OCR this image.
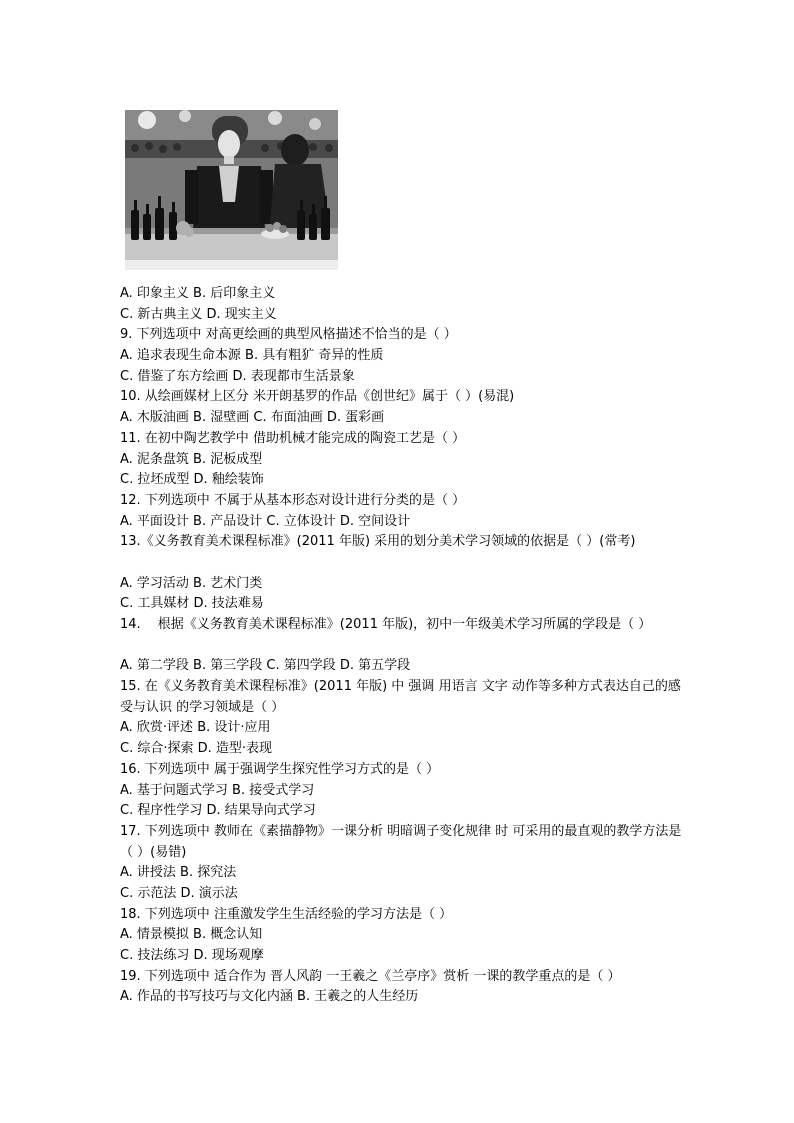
A. 印象主义 B. 后印象主义
C. 新古典主义 D. 现实主义
9. 下列选项中 对高更绘画的典型风格描述不恰当的是（ ）
A. 追求表现生命本源 B. 具有粗犷 奇异的性质
C. 借鉴了东方绘画 D. 表现都市生活景象
10. 从绘画媒材上区分 米开朗基罗的作品《创世纪》属于（ ）(易混)
A. 木版油画 B. 湿壁画 C. 布面油画 D. 蛋彩画
11. 在初中陶艺教学中 借助机械才能完成的陶瓷工艺是（ ）
A. 泥条盘筑 B. 泥板成型
C. 拉坯成型 D. 釉绘装饰
12. 下列选项中 不属于从基本形态对设计进行分类的是（ ）
A. 平面设计 B. 产品设计 C. 立体设计 D. 空间设计
13.《义务教育美术课程标准》(2011 年版) 采用的划分美术学习领域的依据是（ ）(常考)
A. 学习活动 B. 艺术门类
C. 工具媒材 D. 技法难易
14.　 根据《义务教育美术课程标准》(2011 年版)，初中一年级美术学习所属的学段是（ ）
A. 第二学段 B. 第三学段 C. 第四学段 D. 第五学段
15. 在《义务教育美术课程标准》(2011 年版) 中 强调 用语言 文字 动作等多种方式表达自己的感受与认识 的学习领域是（ ）
A. 欣赏·评述 B. 设计·应用
C. 综合·探索 D. 造型·表现
16. 下列选项中 属于强调学生探究性学习方式的是（ ）
A. 基于问题式学习 B. 接受式学习
C. 程序性学习 D. 结果导向式学习
17. 下列选项中 教师在《素描静物》一课分析 明暗调子变化规律 时 可采用的最直观的教学方法是（ ）(易错)
A. 讲授法 B. 探究法
C. 示范法 D. 演示法
18. 下列选项中 注重激发学生生活经验的学习方法是（ ）
A. 情景模拟 B. 概念认知
C. 技法练习 D. 现场观摩
19. 下列选项中 适合作为 晋人风韵 一王羲之《兰亭序》赏析 一课的教学重点的是（ ）
A. 作品的书写技巧与文化内涵 B. 王羲之的人生经历
